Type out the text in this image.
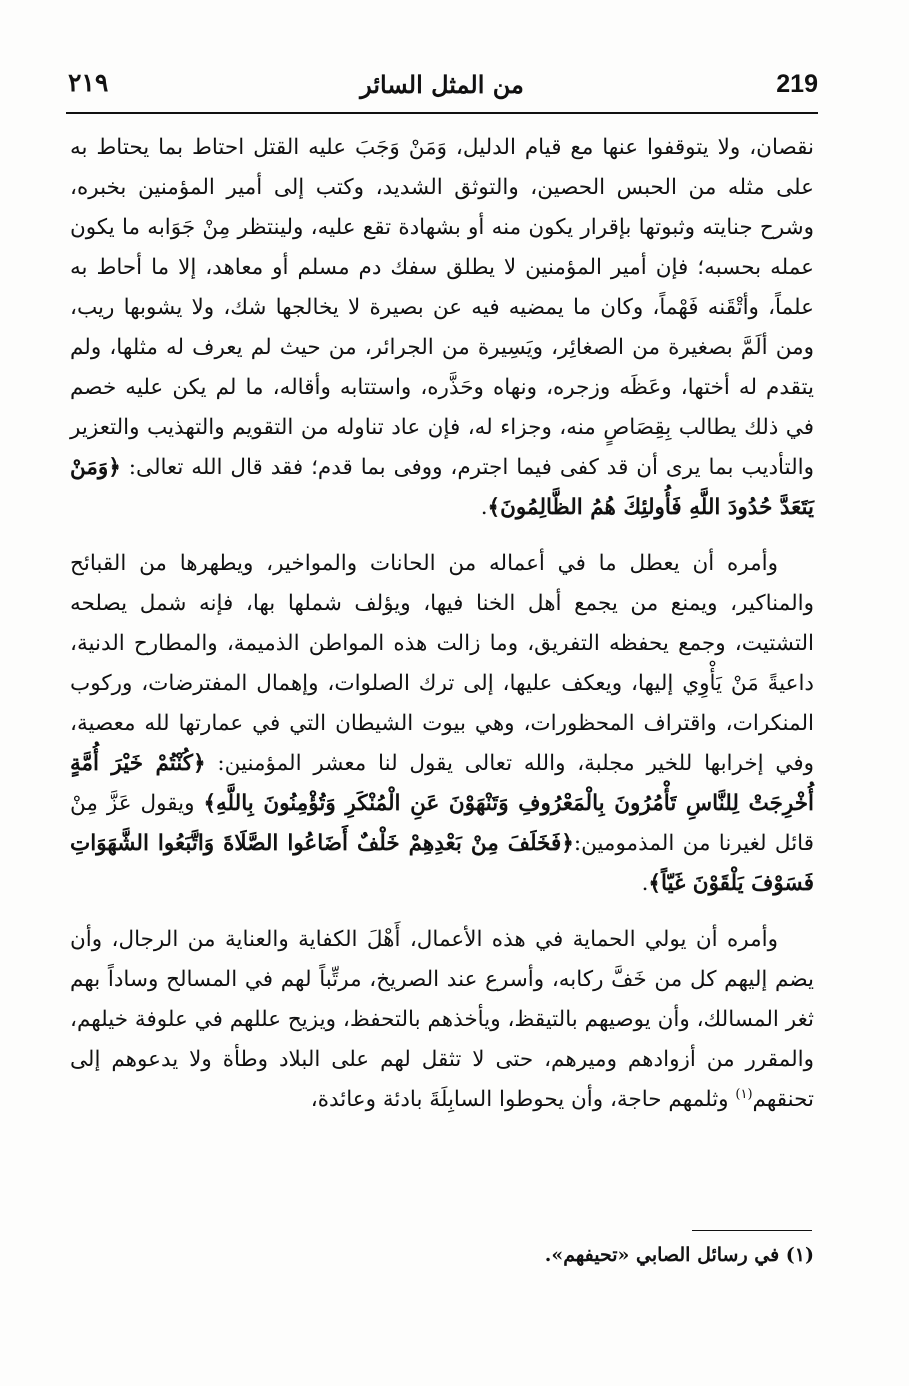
219
من المثل السائر
٢١٩

نقصان، ولا يتوقفوا عنها مع قيام الدليل، وَمَنْ وَجَبَ عليه القتل احتاط بما يحتاط به على مثله من الحبس الحصين، والتوثق الشديد، وكتب إلى أمير المؤمنين بخبره، وشرح جنايته وثبوتها بإقرار يكون منه أو بشهادة تقع عليه، ولينتظر مِنْ جَوَابه ما يكون عمله بحسبه؛ فإن أمير المؤمنين لا يطلق سفك دم مسلم أو معاهد، إلا ما أحاط به علماً، وأتْقَنه فَهْماً، وكان ما يمضيه فيه عن بصيرة لا يخالجها شك، ولا يشوبها ريب، ومن ألَمَّ بصغيرة من الصغائِر، ويَسِيرة من الجرائر، من حيث لم يعرف له مثلها، ولم يتقدم له أختها، وعَظَه وزجره، ونهاه وحَذَّره، واستتابه وأقاله، ما لم يكن عليه خصم في ذلك يطالب بِقِصَاصٍ منه، وجزاء له، فإن عاد تناوله من التقويم والتهذيب والتعزير والتأديب بما يرى أن قد كفى فيما اجترم، ووفى بما قدم؛ فقد قال الله تعالى: ﴿وَمَنْ يَتَعَدَّ حُدُودَ اللَّهِ فَأُولئِكَ هُمُ الظَّالِمُونَ﴾.

وأمره أن يعطل ما في أعماله من الحانات والمواخير، ويطهرها من القبائح والمناكير، ويمنع من يجمع أهل الخنا فيها، ويؤلف شملها بها، فإنه شمل يصلحه التشتيت، وجمع يحفظه التفريق، وما زالت هذه المواطن الذميمة، والمطارح الدنية، داعيةً مَنْ يَأْوِي إليها، ويعكف عليها، إلى ترك الصلوات، وإهمال المفترضات، وركوب المنكرات، واقتراف المحظورات، وهي بيوت الشيطان التي في عمارتها لله معصية، وفي إخرابها للخير مجلبة، والله تعالى يقول لنا معشر المؤمنين: ﴿كُنْتُمْ خَيْرَ أُمَّةٍ أُخْرِجَتْ لِلنَّاسِ تَأْمُرُونَ بِالْمَعْرُوفِ وَتَنْهَوْنَ عَنِ الْمُنْكَرِ وَتُؤْمِنُونَ بِاللَّهِ﴾ ويقول عَزَّ مِنْ قائل لغيرنا من المذمومين:﴿فَخَلَفَ مِنْ بَعْدِهِمْ خَلْفٌ أَضَاعُوا الصَّلَاةَ وَاتَّبَعُوا الشَّهَوَاتِ فَسَوْفَ يَلْقَوْنَ غَيّاً﴾.

وأمره أن يولي الحماية في هذه الأعمال، أَهْلَ الكفاية والعناية من الرجال، وأن يضم إليهم كل من خَفَّ ركابه، وأسرع عند الصريخ، مرتِّباً لهم في المسالح وساداً بهم ثغر المسالك، وأن يوصيهم بالتيقظ، ويأخذهم بالتحفظ، ويزيح عللهم في علوفة خيلهم، والمقرر من أزوادهم وميرهم، حتى لا تثقل لهم على البلاد وطأة ولا يدعوهم إلى تحنقهم$^{(١)}$ وثلمهم حاجة، وأن يحوطوا السابِلَةَ بادئة وعائدة،

(١) في رسائل الصابي «تحيفهم».
